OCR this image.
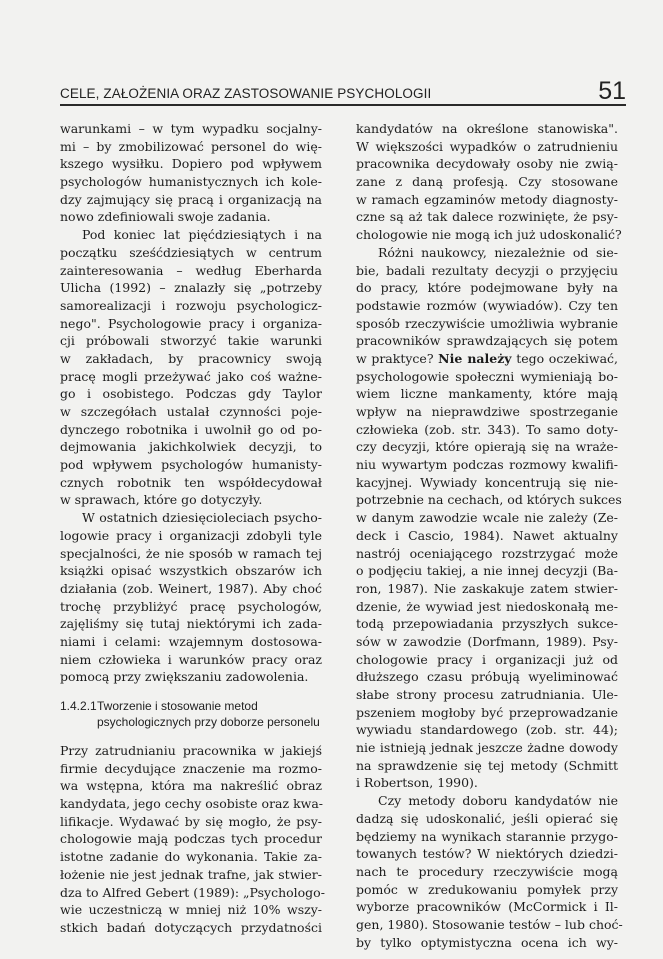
CELE, ZAŁOŻENIA ORAZ ZASTOSOWANIE PSYCHOLOGII	51
warunkami – w tym wypadku socjalny-
mi – by zmobilizować personel do wię-
kszego wysiłku. Dopiero pod wpływem
psychologów humanistycznych ich kole-
dzy zajmujący się pracą i organizacją na
nowo zdefiniowali swoje zadania.
Pod koniec lat pięćdziesiątych i na
początku sześćdziesiątych w centrum
zainteresowania – według Eberharda
Ulicha (1992) – znalazły się „potrzeby
samorealizacji i rozwoju psychologicz-
nego". Psychologowie pracy i organiza-
cji próbowali stworzyć takie warunki
w zakładach, by pracownicy swoją
pracę mogli przeżywać jako coś ważne-
go i osobistego. Podczas gdy Taylor
w szczegółach ustalał czynności poje-
dynczego robotnika i uwolnił go od po-
dejmowania jakichkolwiek decyzji, to
pod wpływem psychologów humanisty-
cznych robotnik ten współdecydował
w sprawach, które go dotyczyły.
W ostatnich dziesięcioleciach psycho-
logowie pracy i organizacji zdobyli tyle
specjalności, że nie sposób w ramach tej
książki opisać wszystkich obszarów ich
działania (zob. Weinert, 1987). Aby choć
trochę przybliżyć pracę psychologów,
zajęliśmy się tutaj niektórymi ich zada-
niami i celami: wzajemnym dostosowa-
niem człowieka i warunków pracy oraz
pomocą przy zwiększaniu zadowolenia.
1.4.2.1Tworzenie i stosowanie metod
psychologicznych przy doborze personelu
Przy zatrudnianiu pracownika w jakiejś
firmie decydujące znaczenie ma rozmo-
wa wstępna, która ma nakreślić obraz
kandydata, jego cechy osobiste oraz kwa-
lifikacje. Wydawać by się mogło, że psy-
chologowie mają podczas tych procedur
istotne zadanie do wykonania. Takie za-
łożenie nie jest jednak trafne, jak stwier-
dza to Alfred Gebert (1989): „Psychologo-
wie uczestniczą w mniej niż 10% wszy-
stkich badań dotyczących przydatności
kandydatów na określone stanowiska".
W większości wypadków o zatrudnieniu
pracownika decydowały osoby nie zwią-
zane z daną profesją. Czy stosowane
w ramach egzaminów metody diagnosty-
czne są aż tak dalece rozwinięte, że psy-
chologowie nie mogą ich już udoskonalić?
Różni naukowcy, niezależnie od sie-
bie, badali rezultaty decyzji o przyjęciu
do pracy, które podejmowane były na
podstawie rozmów (wywiadów). Czy ten
sposób rzeczywiście umożliwia wybranie
pracowników sprawdzających się potem
w praktyce? Nie należy tego oczekiwać,
psychologowie społeczni wymieniają bo-
wiem liczne mankamenty, które mają
wpływ na nieprawdziwe spostrzeganie
człowieka (zob. str. 343). To samo doty-
czy decyzji, które opierają się na wraże-
niu wywartym podczas rozmowy kwalifi-
kacyjnej. Wywiady koncentrują się nie-
potrzebnie na cechach, od których sukces
w danym zawodzie wcale nie zależy (Ze-
deck i Cascio, 1984). Nawet aktualny
nastrój oceniającego rozstrzygać może
o podjęciu takiej, a nie innej decyzji (Ba-
ron, 1987). Nie zaskakuje zatem stwier-
dzenie, że wywiad jest niedoskonałą me-
todą przepowiadania przyszłych sukce-
sów w zawodzie (Dorfmann, 1989). Psy-
chologowie pracy i organizacji już od
dłuższego czasu próbują wyeliminować
słabe strony procesu zatrudniania. Ule-
pszeniem mogłoby być przeprowadzanie
wywiadu standardowego (zob. str. 44);
nie istnieją jednak jeszcze żadne dowody
na sprawdzenie się tej metody (Schmitt
i Robertson, 1990).
Czy metody doboru kandydatów nie
dadzą się udoskonalić, jeśli opierać się
będziemy na wynikach starannie przygo-
towanych testów? W niektórych dziedzi-
nach te procedury rzeczywiście mogą
pomóc w zredukowaniu pomyłek przy
wyborze pracowników (McCormick i Il-
gen, 1980). Stosowanie testów – lub choć-
by tylko optymistyczna ocena ich wy-
